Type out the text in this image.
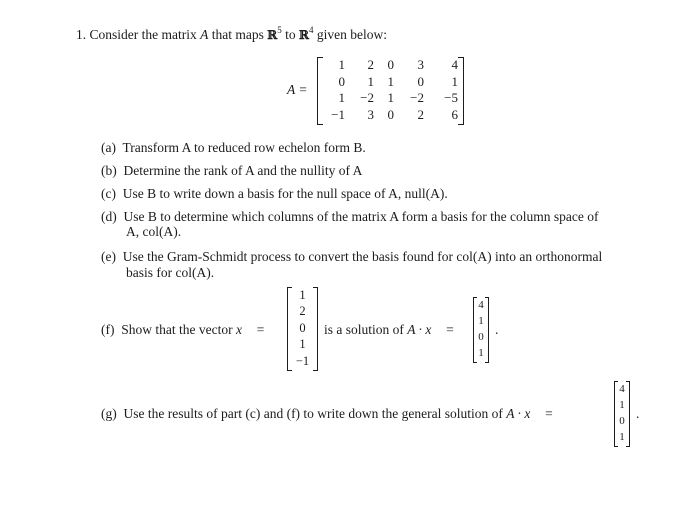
1. Consider the matrix A that maps ℝ$^5$ to ℝ$^4$ given below:
A =
1	2	0	3	4
0	1	1	0	1
1	−2	1	−2	−5
−1	3	0	2	6
(a) Transform A to reduced row echelon form B.
(b) Determine the rank of A and the nullity of A
(c) Use B to write down a basis for the null space of A, null(A).
(d) Use B to determine which columns of the matrix A form a basis for the column space of
A, col(A).
(e) Use the Gram-Schmidt process to convert the basis found for col(A) into an orthonormal
basis for col(A).
(f) Show that the vector x⃗ =
1
2
0
1
−1
is a solution of A · x⃗ =
4
1
0
1
.
(g) Use the results of part (c) and (f) to write down the general solution of A · x⃗ =
4
1
0
1
.
